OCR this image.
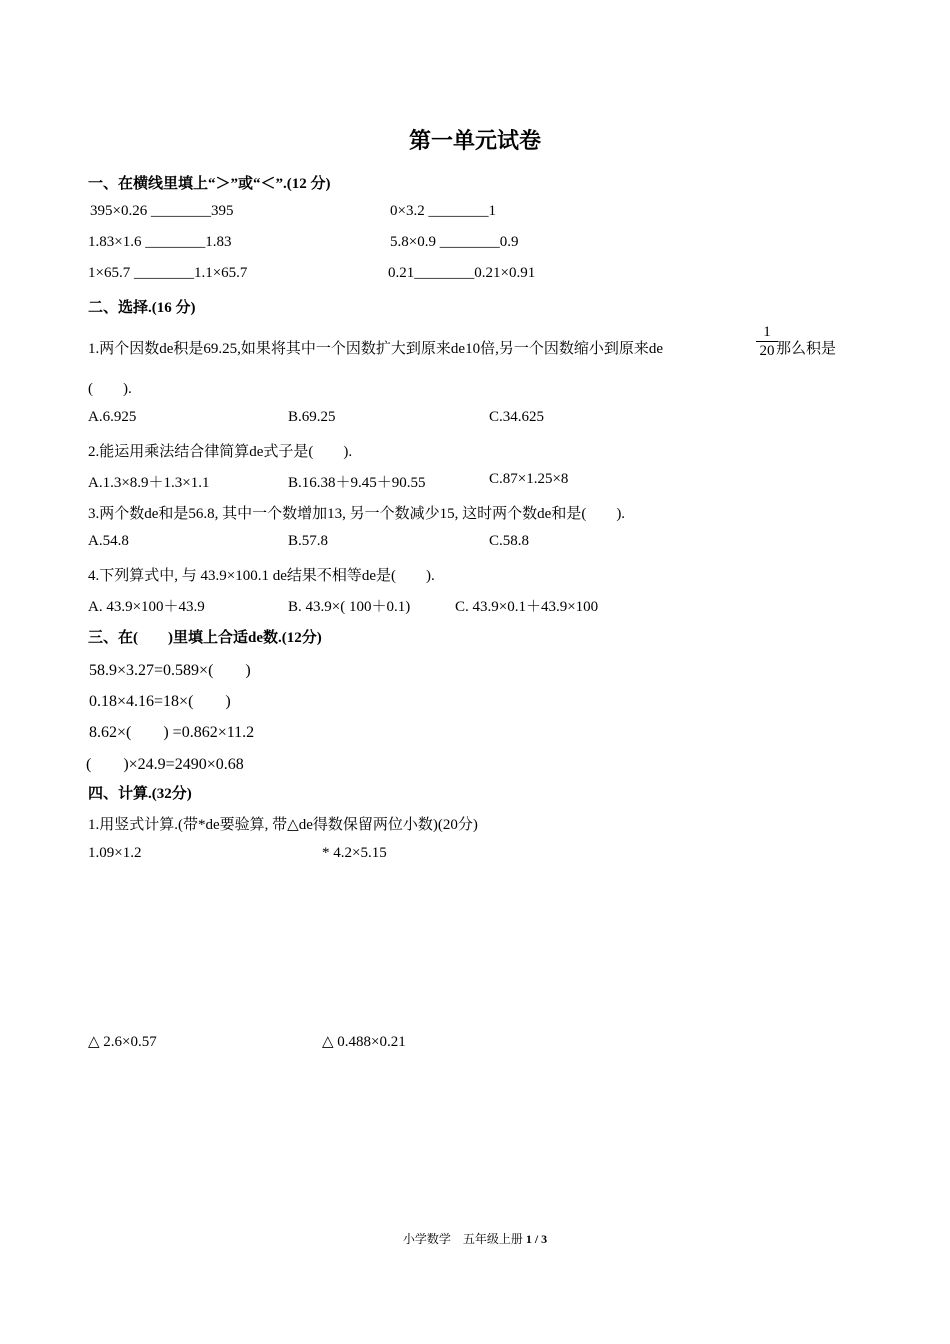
第一单元试卷
一、在横线里填上“＞”或“＜”.(12 分)
395×0.26 ________395	0×3.2 ________1
1.83×1.6 ________1.83	5.8×0.9 ________0.9
1×65.7 ________1.1×65.7	0.21________0.21×0.91
二、选择.(16 分)
1.两个因数de积是69.25,如果将其中一个因数扩大到原来de10倍,另一个因数缩小到原来de
1
20 那么积是
(　　).
A.6.925	B.69.25	C.34.625
2.能运用乘法结合律简算de式子是(　　).
A.1.3×8.9＋1.3×1.1	B.16.38＋9.45＋90.55	C.87×1.25×8
3.两个数de和是56.8, 其中一个数增加13, 另一个数减少15, 这时两个数de和是(　　).
A.54.8	B.57.8	C.58.8
4.下列算式中, 与 43.9×100.1 de结果不相等de是(　　).
A. 43.9×100＋43.9	B. 43.9×( 100＋0.1)	C. 43.9×0.1＋43.9×100
三、在(　　)里填上合适de数.(12分)
58.9×3.27=0.589×(　　)
0.18×4.16=18×(　　)
8.62×(　　) =0.862×11.2
(　　)×24.9=2490×0.68
四、计算.(32分)
1.用竖式计算.(带*de要验算, 带△de得数保留两位小数)(20分)
1.09×1.2	* 4.2×5.15
△ 2.6×0.57	△ 0.488×0.21
小学数学　五年级上册 1 / 3
